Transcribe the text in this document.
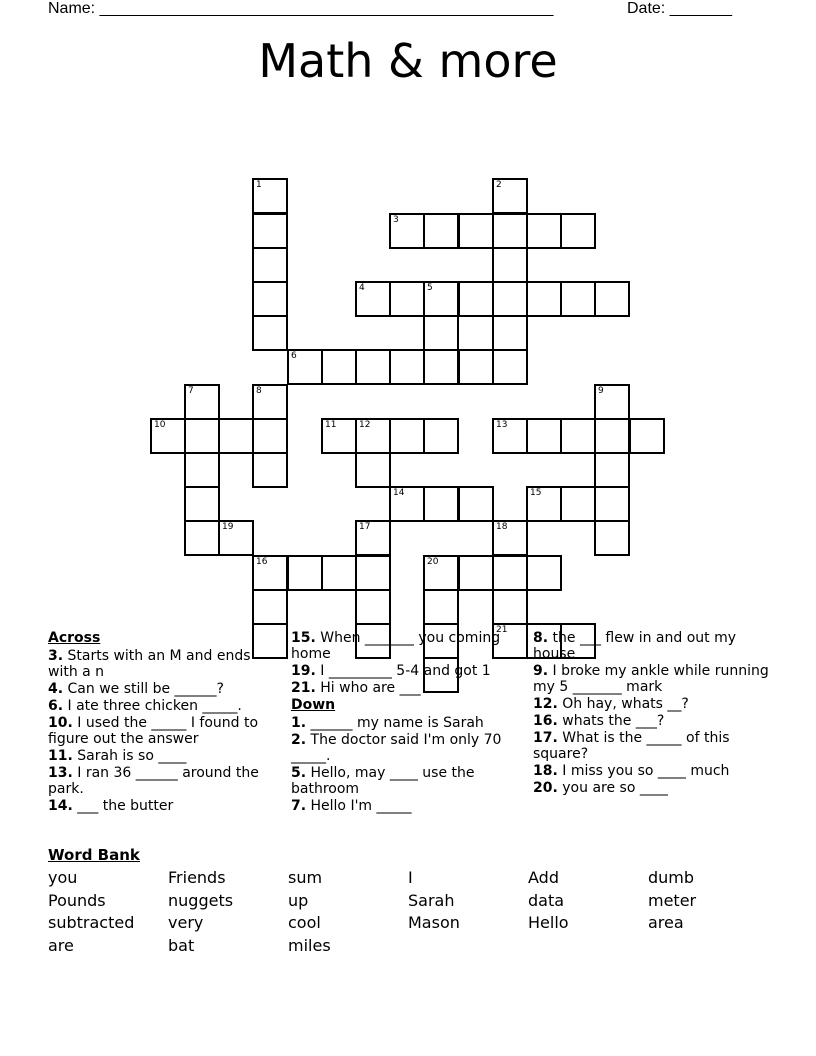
Name: ___________________________________________________	Date: _______
Math & more
1
8
16
2
3
4	5
6
7
19
9
10	11	12	13
14	15
17	18
20
21
Across
3. Starts with an M and ends with a n
4. Can we still be ______?
6. I ate three chicken _____.
10. I used the _____ I found to figure out the answer
11. Sarah is so ____
13. I ran 36 ______ around the park.
14. ___ the butter
15. When _______ you coming home
19. I _________ 5-4 and got 1
21. Hi who are ___
Down
1. ______ my name is Sarah
2. The doctor said I'm only 70 _____.
5. Hello, may ____ use the bathroom
7. Hello I'm _____
8. the ___ flew in and out my house
9. I broke my ankle while running my 5 _______ mark
12. Oh hay, whats __?
16. whats the ___?
17. What is the _____ of this square?
18. I miss you so ____ much
20. you are so ____
Word Bank
you	Friends	sum	I	Add	dumb
Pounds	nuggets	up	Sarah	data	meter
subtracted very	cool	Mason	Hello	area
are	bat	miles
